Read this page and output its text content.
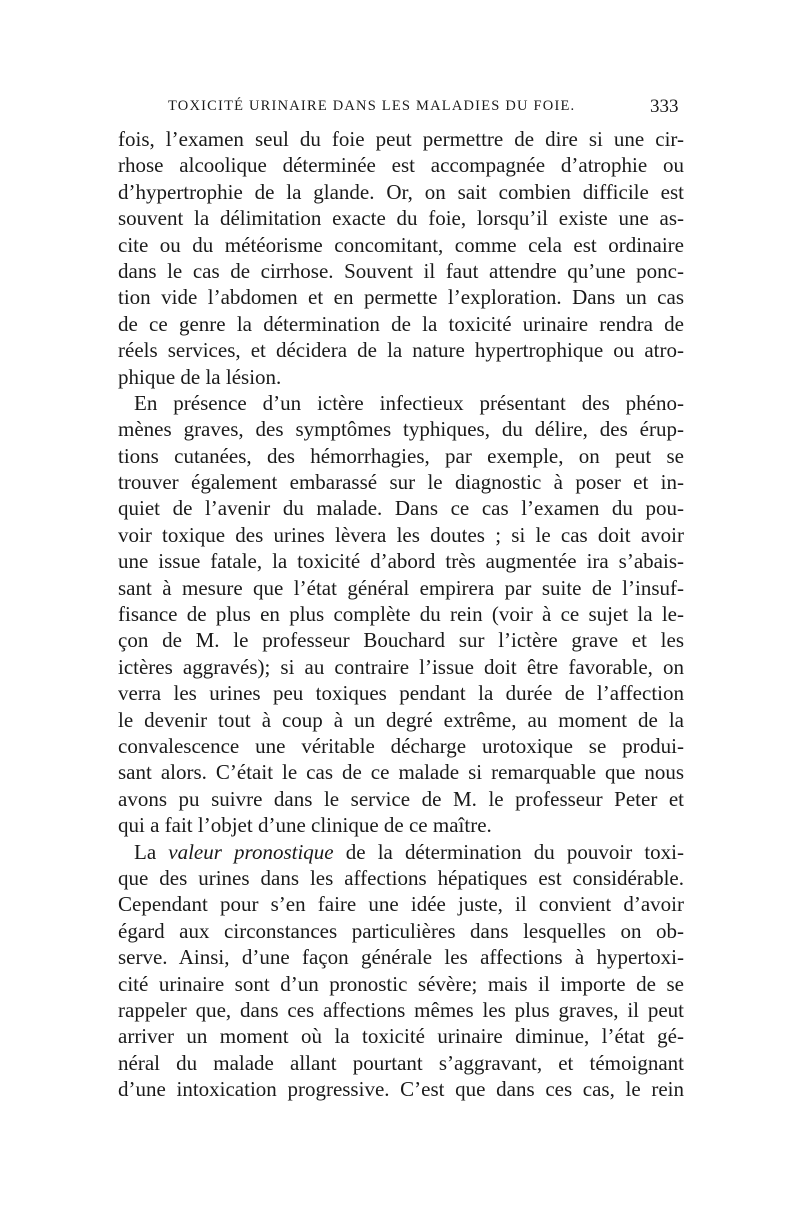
TOXICITÉ URINAIRE DANS LES MALADIES DU FOIE.	333
fois, l’examen seul du foie peut permettre de dire si une cir-
rhose alcoolique déterminée est accompagnée d’atrophie ou
d’hypertrophie de la glande. Or, on sait combien difficile est
souvent la délimitation exacte du foie, lorsqu’il existe une as-
cite ou du météorisme concomitant, comme cela est ordinaire
dans le cas de cirrhose. Souvent il faut attendre qu’une ponc-
tion vide l’abdomen et en permette l’exploration. Dans un cas
de ce genre la détermination de la toxicité urinaire rendra de
réels services, et décidera de la nature hypertrophique ou atro-
phique de la lésion.
En présence d’un ictère infectieux présentant des phéno-
mènes graves, des symptômes typhiques, du délire, des érup-
tions cutanées, des hémorrhagies, par exemple, on peut se
trouver également embarassé sur le diagnostic à poser et in-
quiet de l’avenir du malade. Dans ce cas l’examen du pou-
voir toxique des urines lèvera les doutes ; si le cas doit avoir
une issue fatale, la toxicité d’abord très augmentée ira s’abais-
sant à mesure que l’état général empirera par suite de l’insuf-
fisance de plus en plus complète du rein (voir à ce sujet la le-
çon de M. le professeur Bouchard sur l’ictère grave et les
ictères aggravés); si au contraire l’issue doit être favorable, on
verra les urines peu toxiques pendant la durée de l’affection
le devenir tout à coup à un degré extrême, au moment de la
convalescence une véritable décharge urotoxique se produi-
sant alors. C’était le cas de ce malade si remarquable que nous
avons pu suivre dans le service de M. le professeur Peter et
qui a fait l’objet d’une clinique de ce maître.
La valeur pronostique de la détermination du pouvoir toxi-
que des urines dans les affections hépatiques est considérable.
Cependant pour s’en faire une idée juste, il convient d’avoir
égard aux circonstances particulières dans lesquelles on ob-
serve. Ainsi, d’une façon générale les affections à hypertoxi-
cité urinaire sont d’un pronostic sévère; mais il importe de se
rappeler que, dans ces affections mêmes les plus graves, il peut
arriver un moment où la toxicité urinaire diminue, l’état gé-
néral du malade allant pourtant s’aggravant, et témoignant
d’une intoxication progressive. C’est que dans ces cas, le rein
